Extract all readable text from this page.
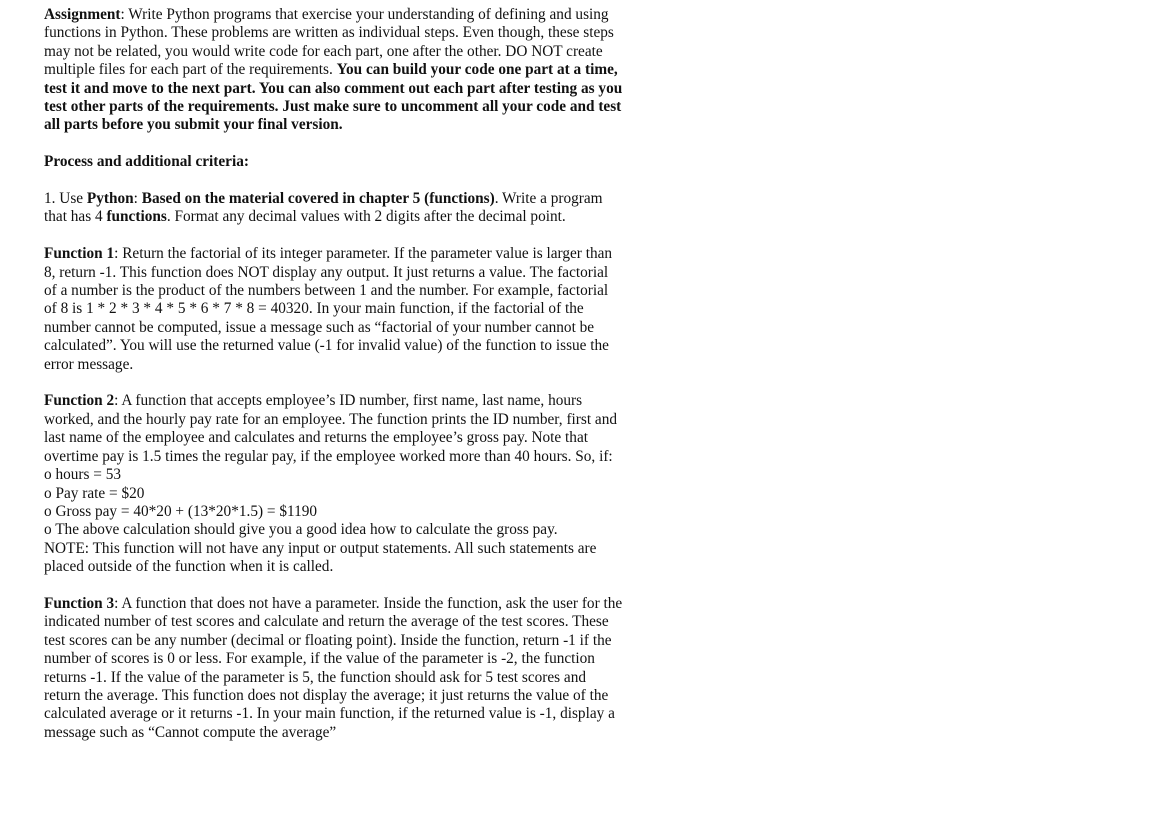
Assignment: Write Python programs that exercise your understanding of defining and using functions in Python. These problems are written as individual steps. Even though, these steps may not be related, you would write code for each part, one after the other. DO NOT create multiple files for each part of the requirements. You can build your code one part at a time, test it and move to the next part. You can also comment out each part after testing as you test other parts of the requirements. Just make sure to uncomment all your code and test all parts before you submit your final version.

Process and additional criteria:

1. Use Python: Based on the material covered in chapter 5 (functions). Write a program that has 4 functions. Format any decimal values with 2 digits after the decimal point.

Function 1: Return the factorial of its integer parameter. If the parameter value is larger than 8, return -1. This function does NOT display any output. It just returns a value. The factorial of a number is the product of the numbers between 1 and the number. For example, factorial of 8 is 1 * 2 * 3 * 4 * 5 * 6 * 7 * 8 = 40320. In your main function, if the factorial of the number cannot be computed, issue a message such as “factorial of your number cannot be calculated”. You will use the returned value (-1 for invalid value) of the function to issue the error message.

Function 2: A function that accepts employee’s ID number, first name, last name, hours worked, and the hourly pay rate for an employee. The function prints the ID number, first and last name of the employee and calculates and returns the employee’s gross pay. Note that overtime pay is 1.5 times the regular pay, if the employee worked more than 40 hours. So, if:

o hours = 53

o Pay rate = $20

o Gross pay = 40*20 + (13*20*1.5) = $1190

o The above calculation should give you a good idea how to calculate the gross pay.

NOTE: This function will not have any input or output statements. All such statements are placed outside of the function when it is called.

Function 3: A function that does not have a parameter. Inside the function, ask the user for the indicated number of test scores and calculate and return the average of the test scores. These test scores can be any number (decimal or floating point). Inside the function, return -1 if the number of scores is 0 or less. For example, if the value of the parameter is -2, the function returns -1. If the value of the parameter is 5, the function should ask for 5 test scores and return the average. This function does not display the average; it just returns the value of the calculated average or it returns -1. In your main function, if the returned value is -1, display a message such as “Cannot compute the average”
